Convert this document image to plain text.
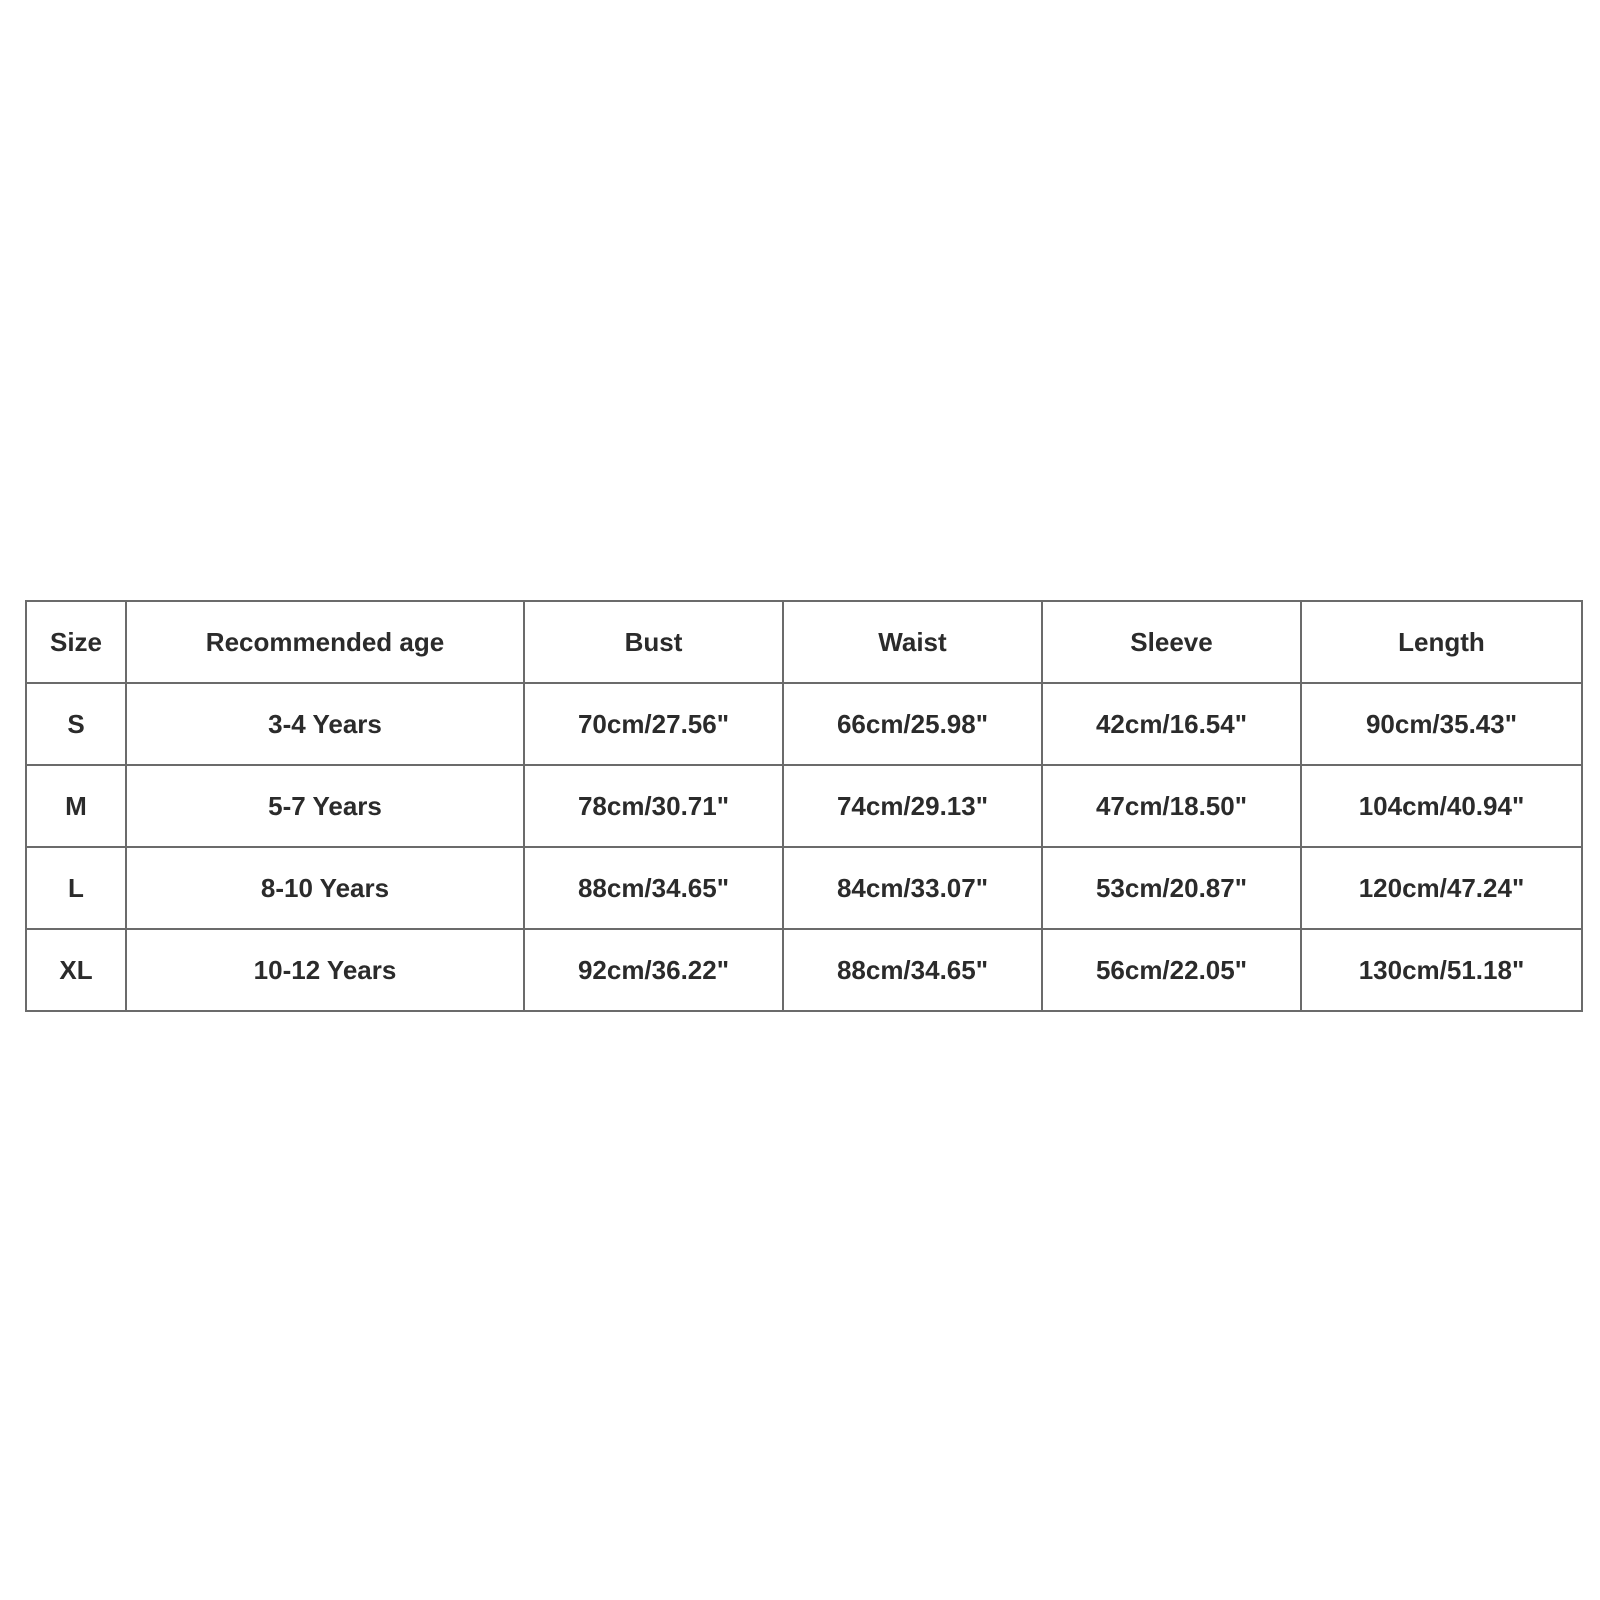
Size	Recommended age	Bust	Waist	Sleeve	Length
S	3-4 Years	70cm/27.56"	66cm/25.98"	42cm/16.54"	90cm/35.43"
M	5-7 Years	78cm/30.71"	74cm/29.13"	47cm/18.50"	104cm/40.94"
L	8-10 Years	88cm/34.65"	84cm/33.07"	53cm/20.87"	120cm/47.24"
XL	10-12 Years	92cm/36.22"	88cm/34.65"	56cm/22.05"	130cm/51.18"
